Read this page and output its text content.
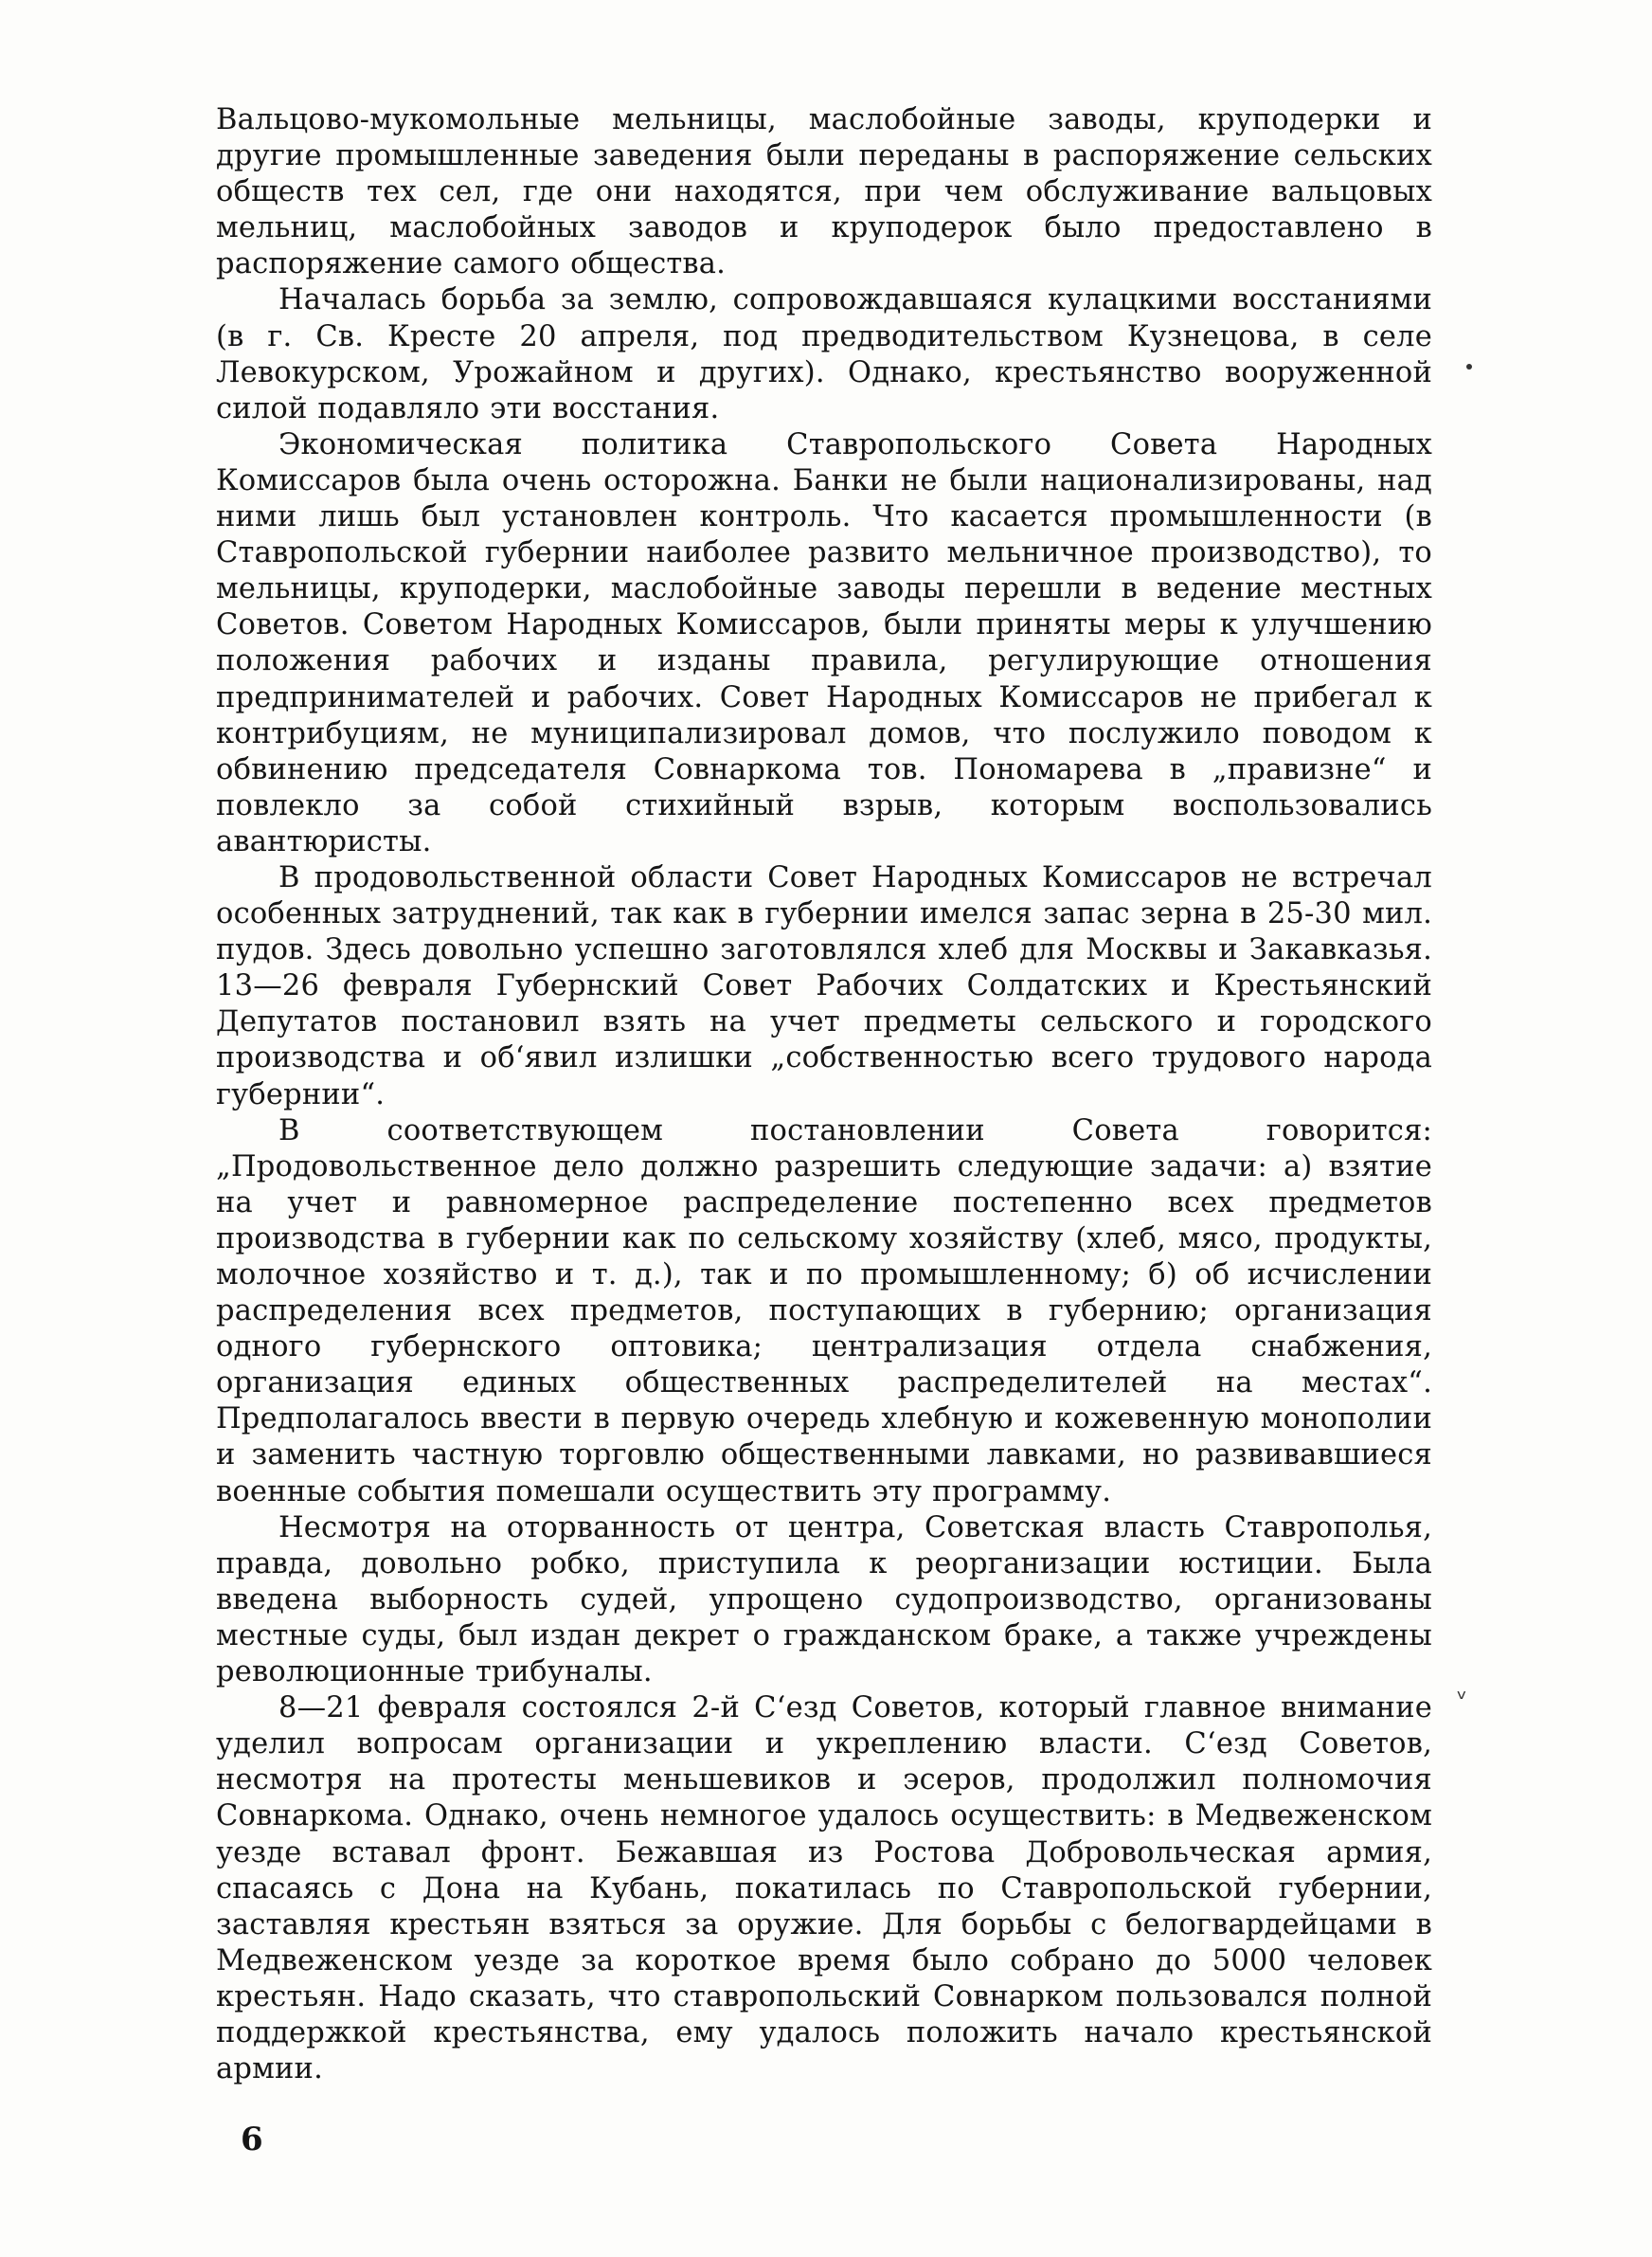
Вальцово-мукомольные мельницы, маслобойные заводы, круподерки и другие промышленные заведения были переданы в распоряжение сельских обществ тех сел, где они находятся, при чем обслуживание вальцовых мельниц, маслобойных заводов и круподерок было предоставлено в распоряжение самого общества.

Началась борьба за землю, сопровождавшаяся кулацкими восстаниями (в г. Св. Кресте 20 апреля, под предводительством Кузнецова, в селе Левокурском, Урожайном и других). Однако, крестьянство вооруженной силой подавляло эти восстания.

Экономическая политика Ставропольского Совета Народных Комиссаров была очень осторожна. Банки не были национализированы, над ними лишь был установлен контроль. Что касается промышленности (в Ставропольской губернии наиболее развито мельничное производство), то мельницы, круподерки, маслобойные заводы перешли в ведение местных Советов. Советом Народных Комиссаров, были приняты меры к улучшению положения рабочих и изданы правила, регулирующие отношения предпринимателей и рабочих. Совет Народных Комиссаров не прибегал к контрибуциям, не муниципализировал домов, что послужило поводом к обвинению председателя Совнаркома тов. Пономарева в „правизне“ и повлекло за собой стихийный взрыв, которым воспользовались авантюристы.

В продовольственной области Совет Народных Комиссаров не встречал особенных затруднений, так как в губернии имелся запас зерна в 25-30 мил. пудов. Здесь довольно успешно заготовлялся хлеб для Москвы и Закавказья. 13—26 февраля Губернский Совет Рабочих Солдатских и Крестьянский Депутатов постановил взять на учет предметы сельского и городского производства и об‘явил излишки „собственностью всего трудового народа губернии“.

В соответствующем постановлении Совета говорится: „Продовольственное дело должно разрешить следующие задачи: а) взятие на учет и равномерное распределение постепенно всех предметов производства в губернии как по сельскому хозяйству (хлеб, мясо, продукты, молочное хозяйство и т. д.), так и по промышленному; б) об исчислении распределения всех предметов, поступающих в губернию; организация одного губернского оптовика; централизация отдела снабжения, организация единых общественных распределителей на местах“. Предполагалось ввести в первую очередь хлебную и кожевенную монополии и заменить частную торговлю общественными лавками, но развивавшиеся военные события помешали осуществить эту программу.

Несмотря на оторванность от центра, Советская власть Ставрополья, правда, довольно робко, приступила к реорганизации юстиции. Была введена выборность судей, упрощено судопроизводство, организованы местные суды, был издан декрет о гражданском браке, а также учреждены революционные трибуналы.

8—21 февраля состоялся 2-й С‘езд Советов, который главное внимание уделил вопросам организации и укреплению власти. С‘езд Советов, несмотря на протесты меньшевиков и эсеров, продолжил полномочия Совнаркома. Однако, очень немногое удалось осуществить: в Медвеженском уезде вставал фронт. Бежавшая из Ростова Добровольческая армия, спасаясь с Дона на Кубань, покатилась по Ставропольской губернии, заставляя крестьян взяться за оружие. Для борьбы с белогвардейцами в Медвеженском уезде за короткое время было собрано до 5000 человек крестьян. Надо сказать, что ставропольский Совнарком пользовался полной поддержкой крестьянства, ему удалось положить начало крестьянской армии.

6
ᵥ
